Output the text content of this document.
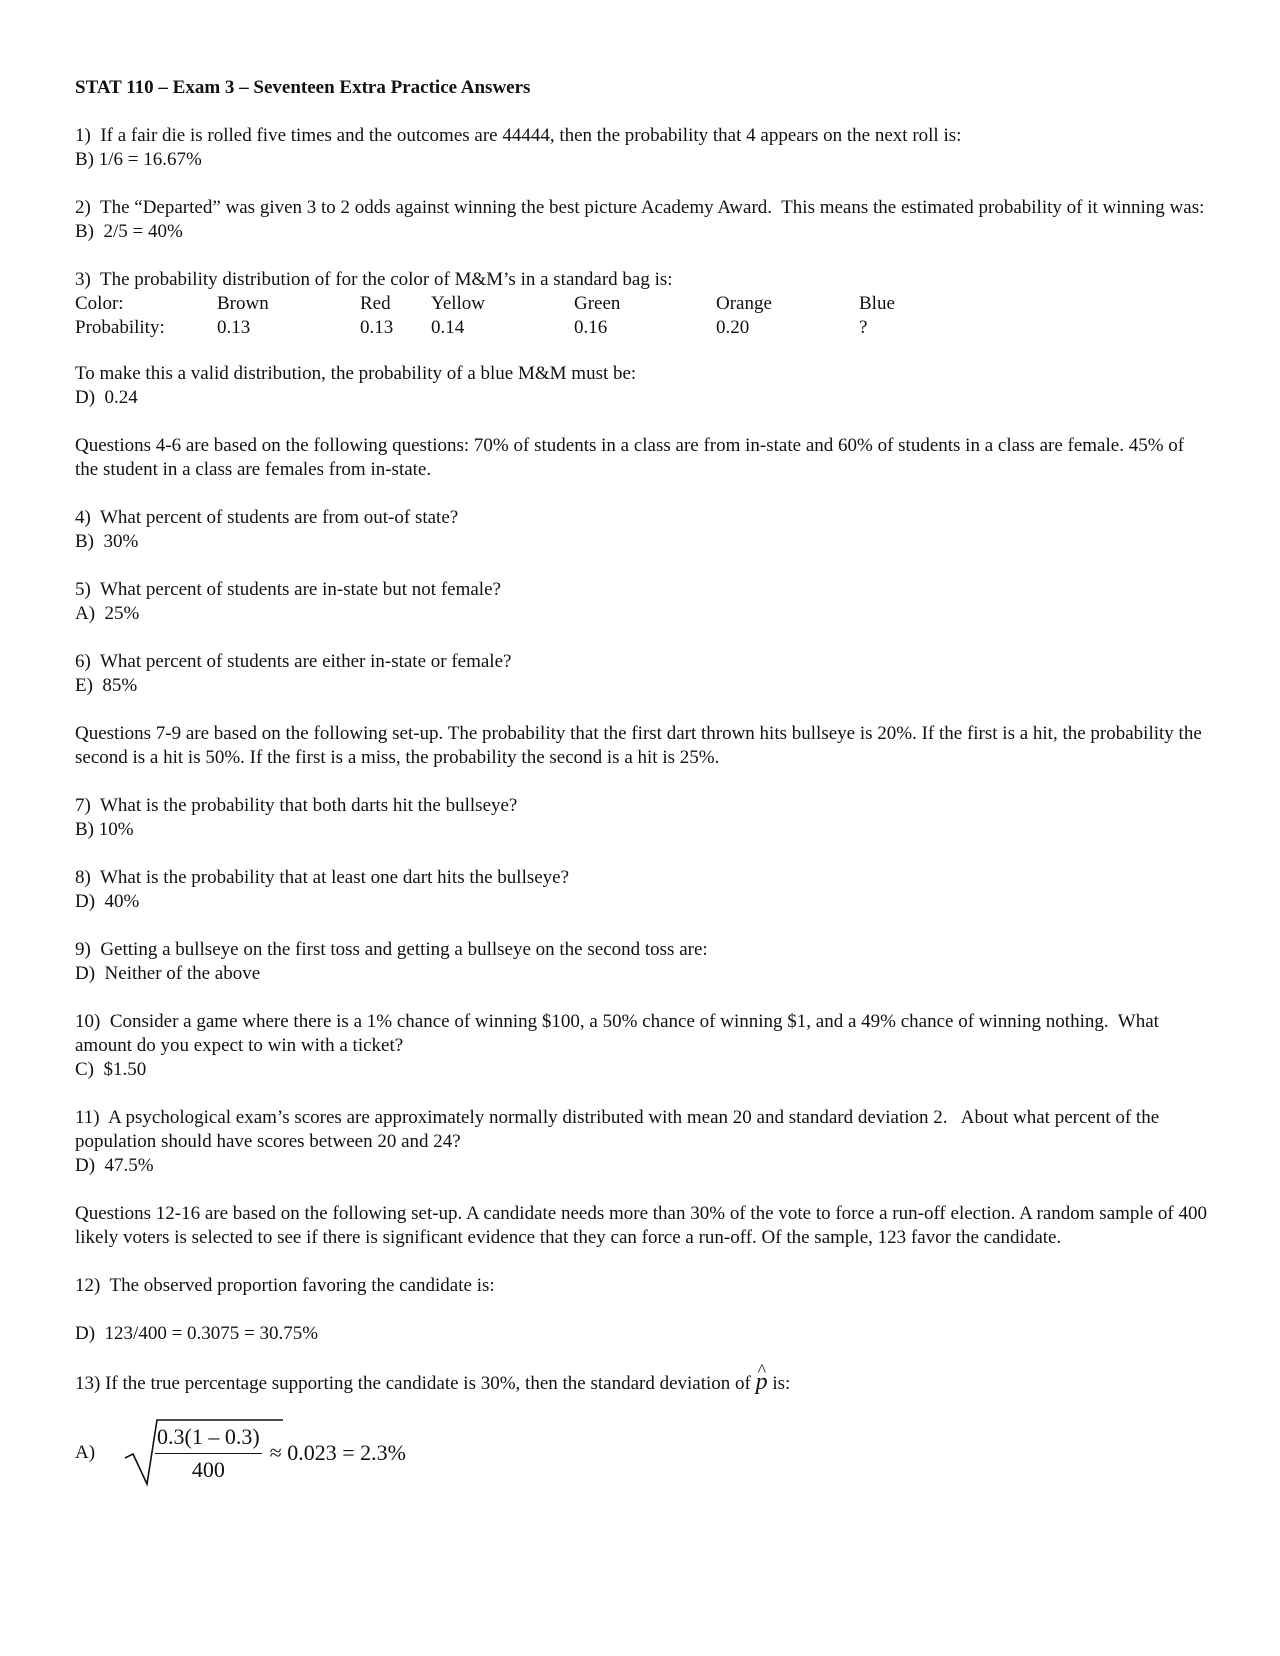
STAT 110 – Exam 3 – Seventeen Extra Practice Answers
1)  If a fair die is rolled five times and the outcomes are 44444, then the probability that 4 appears on the next roll is:
B) 1/6 = 16.67%
2)  The “Departed” was given 3 to 2 odds against winning the best picture Academy Award.  This means the estimated probability of it winning was:
B)  2/5 = 40%
3)  The probability distribution of for the color of M&M’s in a standard bag is:
Color:	Brown	Red	Yellow	Green	Orange	Blue
Probability:	0.13	0.13	0.14	0.16	0.20	?
To make this a valid distribution, the probability of a blue M&M must be:
D)  0.24
Questions 4-6 are based on the following questions: 70% of students in a class are from in-state and 60% of students in a class are female. 45% of the student in a class are females from in-state.
4)  What percent of students are from out-of state?
B)  30%
5)  What percent of students are in-state but not female?
A)  25%
6)  What percent of students are either in-state or female?
E)  85%
Questions 7-9 are based on the following set-up. The probability that the first dart thrown hits bullseye is 20%. If the first is a hit, the probability the second is a hit is 50%. If the first is a miss, the probability the second is a hit is 25%.
7)  What is the probability that both darts hit the bullseye?
B) 10%
8)  What is the probability that at least one dart hits the bullseye?
D)  40%
9)  Getting a bullseye on the first toss and getting a bullseye on the second toss are:
D)  Neither of the above
10)  Consider a game where there is a 1% chance of winning $100, a 50% chance of winning $1, and a 49% chance of winning nothing.  What amount do you expect to win with a ticket?
C)  $1.50
11)  A psychological exam’s scores are approximately normally distributed with mean 20 and standard deviation 2.   About what percent of the population should have scores between 20 and 24?
D)  47.5%
Questions 12-16 are based on the following set-up. A candidate needs more than 30% of the vote to force a run-off election. A random sample of 400 likely voters is selected to see if there is significant evidence that they can force a run-off. Of the sample, 123 favor the candidate.
12)  The observed proportion favoring the candidate is:
D)  123/400 = 0.3075 = 30.75%
13) If the true percentage supporting the candidate is 30%, then the standard deviation of ^ p is:
A)	$\frac{0.3(1 - 0.3)}{400} \approx 0.023 = 2.3\%$
